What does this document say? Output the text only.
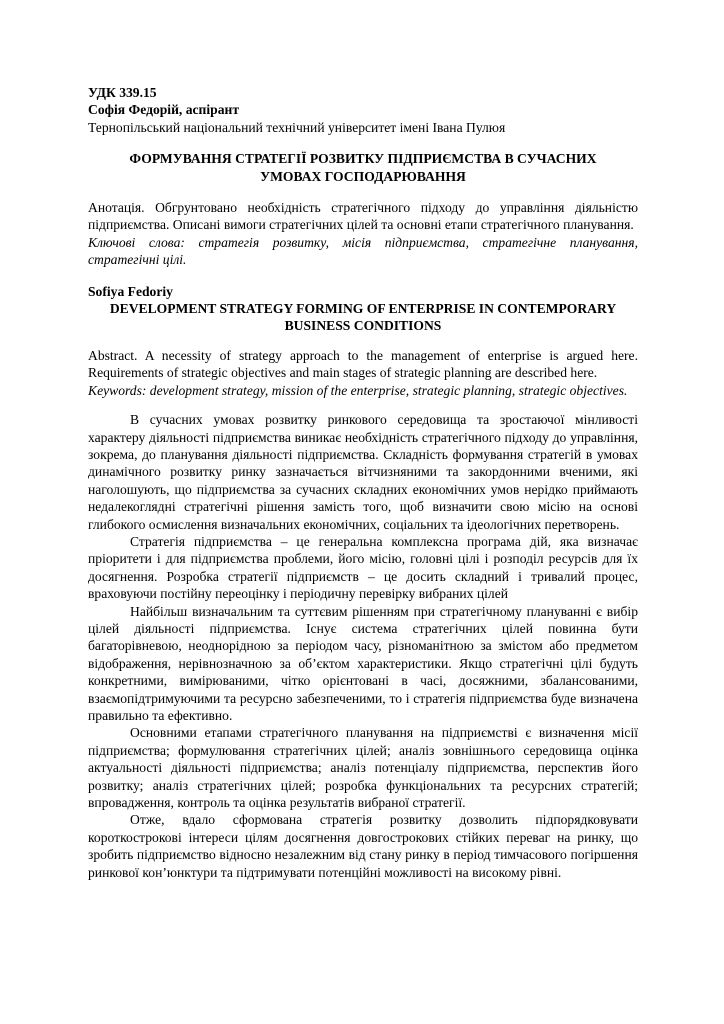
УДК 339.15

Софія Федорій, аспірант

Тернопільський національний технічний університет імені Івана Пулюя

ФОРМУВАННЯ СТРАТЕГІЇ РОЗВИТКУ ПІДПРИЄМСТВА В СУЧАСНИХ УМОВАХ ГОСПОДАРЮВАННЯ

Анотація. Обгрунтовано необхідність стратегічного підходу до управління діяльністю підприємства. Описані вимоги стратегічних цілей та основні етапи стратегічного планування.

Ключові слова: стратегія розвитку, місія підприємства, стратегічне планування, стратегічні цілі.

Sofiya Fedoriy

DEVELOPMENT STRATEGY FORMING OF ENTERPRISE IN CONTEMPORARY BUSINESS CONDITIONS

Abstract. A necessity of strategy approach to the management of enterprise is argued here. Requirements of strategic objectives and main stages of strategic planning are described here.

Keywords: development strategy, mission of the enterprise, strategic planning, strategic objectives.

В сучасних умовах розвитку ринкового середовища та зростаючої мінливості характеру діяльності підприємства виникає необхідність стратегічного підходу до управління, зокрема, до планування діяльності підприємства. Складність формування стратегій в умовах динамічного розвитку ринку зазначається вітчизняними та закордонними вченими, які наголошують, що підприємства за сучасних складних економічних умов нерідко приймають недалекоглядні стратегічні рішення замість того, щоб визначити свою місію на основі глибокого осмислення визначальних економічних, соціальних та ідеологічних перетворень.

Стратегія підприємства – це генеральна комплексна програма дій, яка визначає пріоритети і для підприємства проблеми, його місію, головні цілі і розподіл ресурсів для їх досягнення. Розробка стратегії підприємств – це досить складний і тривалий процес, враховуючи постійну переоцінку і періодичну перевірку вибраних цілей

Найбільш визначальним та суттєвим рішенням при стратегічному плануванні є вибір цілей діяльності підприємства. Існує система стратегічних цілей повинна бути багаторівневою, неоднорідною за періодом часу, різноманітною за змістом або предметом відображення, нерівнозначною за об’єктом характеристики. Якщо стратегічні цілі будуть конкретними, вимірюваними, чітко орієнтовані в часі, досяжними, збалансованими, взаємопідтримуючими та ресурсно забезпеченими, то і стратегія підприємства буде визначена правильно та ефективно.

Основними етапами стратегічного планування на підприємстві є визначення місії підприємства; формулювання стратегічних цілей; аналіз зовнішнього середовища оцінка актуальності діяльності підприємства; аналіз потенціалу підприємства, перспектив його розвитку; аналіз стратегічних цілей; розробка функціональних та ресурсних стратегій; впровадження, контроль та оцінка результатів вибраної стратегії.

Отже, вдало сформована стратегія розвитку дозволить підпорядковувати короткострокові інтереси цілям досягнення довгострокових стійких переваг на ринку, що зробить підприємство відносно незалежним від стану ринку в період тимчасового погіршення ринкової кон’юнктури та підтримувати потенційні можливості на високому рівні.
